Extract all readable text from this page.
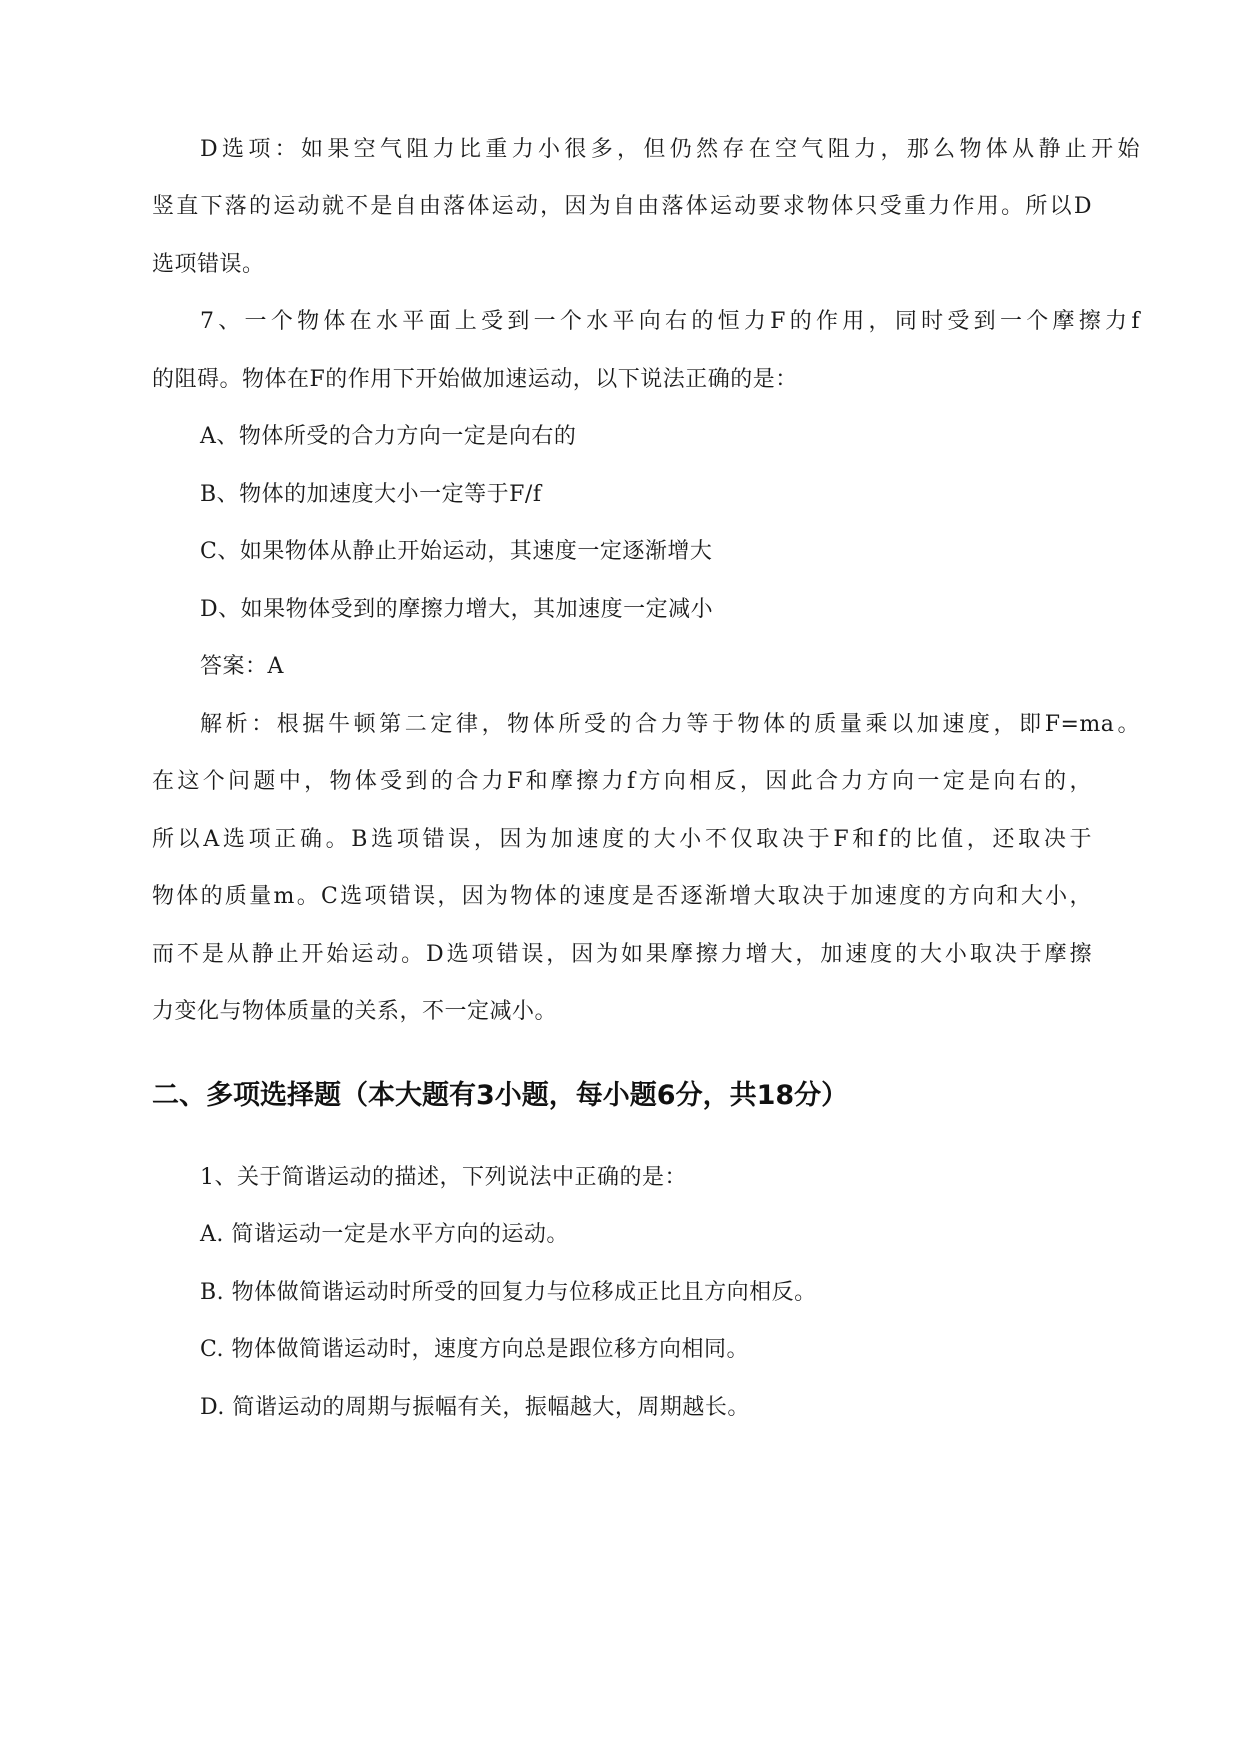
D选项：如果空气阻力比重力小很多，但仍然存在空气阻力，那么物体从静止开始
竖直下落的运动就不是自由落体运动，因为自由落体运动要求物体只受重力作用。所以D
选项错误。
7、一个物体在水平面上受到一个水平向右的恒力F的作用，同时受到一个摩擦力f
的阻碍。物体在F的作用下开始做加速运动，以下说法正确的是：
A、物体所受的合力方向一定是向右的
B、物体的加速度大小一定等于F/f
C、如果物体从静止开始运动，其速度一定逐渐增大
D、如果物体受到的摩擦力增大，其加速度一定减小
答案：A
解析：根据牛顿第二定律，物体所受的合力等于物体的质量乘以加速度，即F=ma。
在这个问题中，物体受到的合力F和摩擦力f方向相反，因此合力方向一定是向右的，
所以A选项正确。B选项错误，因为加速度的大小不仅取决于F和f的比值，还取决于
物体的质量m。C选项错误，因为物体的速度是否逐渐增大取决于加速度的方向和大小，
而不是从静止开始运动。D选项错误，因为如果摩擦力增大，加速度的大小取决于摩擦
力变化与物体质量的关系，不一定减小。
二、多项选择题（本大题有3小题，每小题6分，共18分）
1、关于简谐运动的描述，下列说法中正确的是：
A. 简谐运动一定是水平方向的运动。
B. 物体做简谐运动时所受的回复力与位移成正比且方向相反。
C. 物体做简谐运动时，速度方向总是跟位移方向相同。
D. 简谐运动的周期与振幅有关，振幅越大，周期越长。
